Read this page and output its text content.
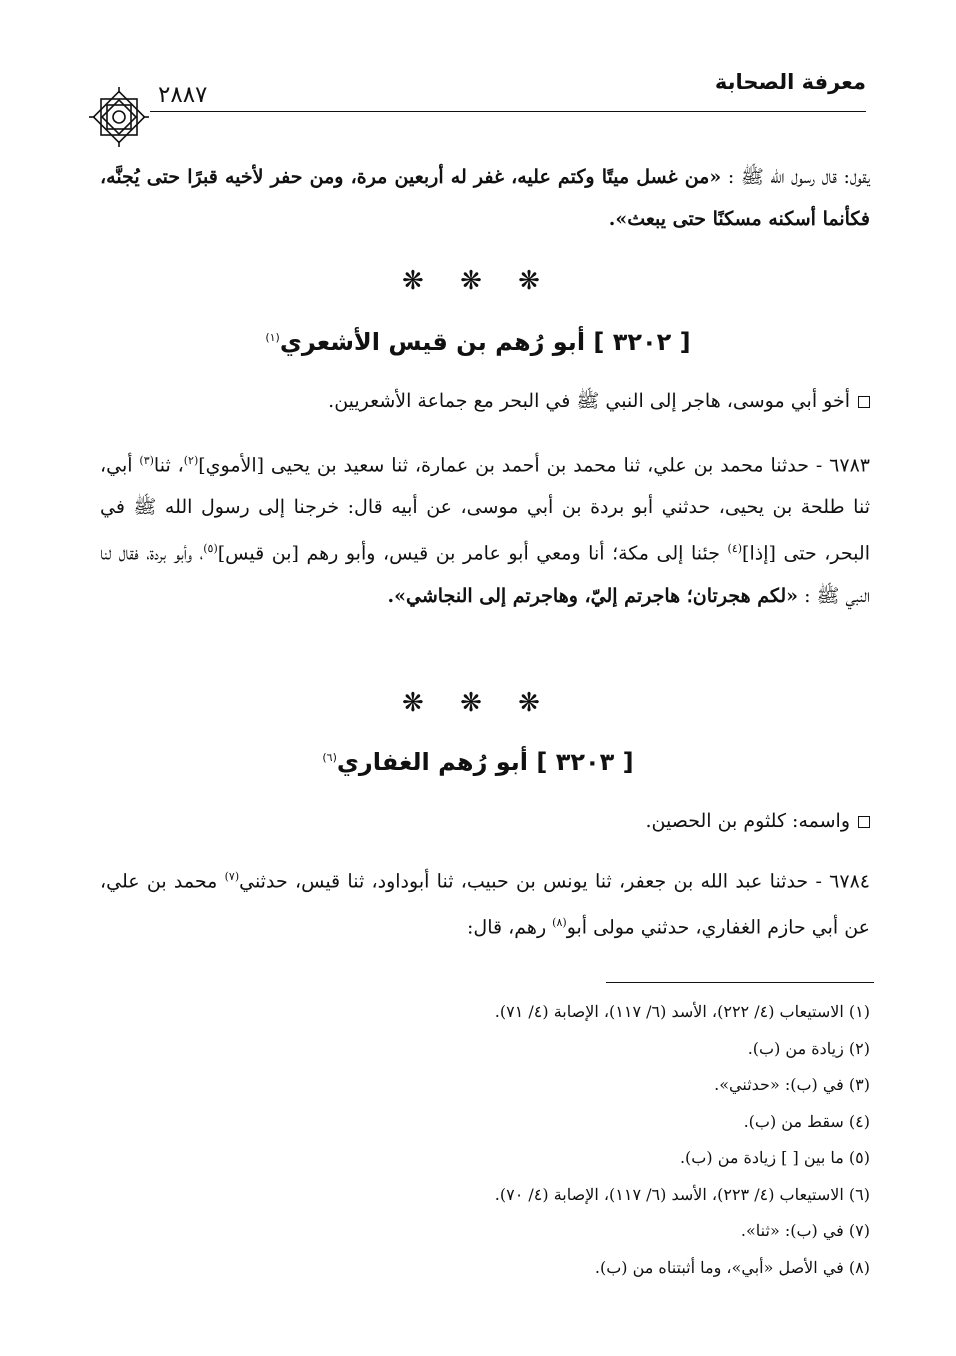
معرفة الصحابة
٢٨٨٧
يقول: قال رسول الله ﷺ : «من غسل ميتًا وكتم عليه، غفر له أربعين مرة، ومن حفر لأخيه قبرًا حتى يُجنَّه، فكأنما أسكنه مسكنًا حتى يبعث».
❋ ❋ ❋
[ ٣٢٠٢ ] أبو رُهم بن قيس الأشعري$^{(١)}$
أخو أبي موسى، هاجر إلى النبي ﷺ في البحر مع جماعة الأشعريين.
٦٧٨٣ - حدثنا محمد بن علي، ثنا محمد بن أحمد بن عمارة، ثنا سعيد بن يحيى [الأموي]$^{(٢)}$، ثنا$^{(٣)}$ أبي، ثنا طلحة بن يحيى، حدثني أبو بردة بن أبي موسى، عن أبيه قال: خرجنا إلى رسول الله ﷺ في البحر، حتى [إذا]$^{(٤)}$ جئنا إلى مكة؛ أنا ومعي أبو عامر بن قيس، وأبو رهم [بن قيس]$^{(٥)}$، وأبو بردة، فقال لنا النبي ﷺ : «لكم هجرتان؛ هاجرتم إليّ، وهاجرتم إلى النجاشي».
❋ ❋ ❋
[ ٣٢٠٣ ] أبو رُهم الغفاري$^{(٦)}$
واسمه: كلثوم بن الحصين.
٦٧٨٤ - حدثنا عبد الله بن جعفر، ثنا يونس بن حبيب، ثنا أبوداود، ثنا قيس، حدثني$^{(٧)}$ محمد بن علي، عن أبي حازم الغفاري، حدثني مولى أبو$^{(٨)}$ رهم، قال:
(١) الاستيعاب (٤/ ٢٢٢)، الأسد (٦/ ١١٧)، الإصابة (٤/ ٧١).
(٢) زيادة من (ب).
(٣) في (ب): «حدثني».
(٤) سقط من (ب).
(٥) ما بين [ ] زيادة من (ب).
(٦) الاستيعاب (٤/ ٢٢٣)، الأسد (٦/ ١١٧)، الإصابة (٤/ ٧٠).
(٧) في (ب): «ثنا».
(٨) في الأصل «أبي»، وما أثبتناه من (ب).
